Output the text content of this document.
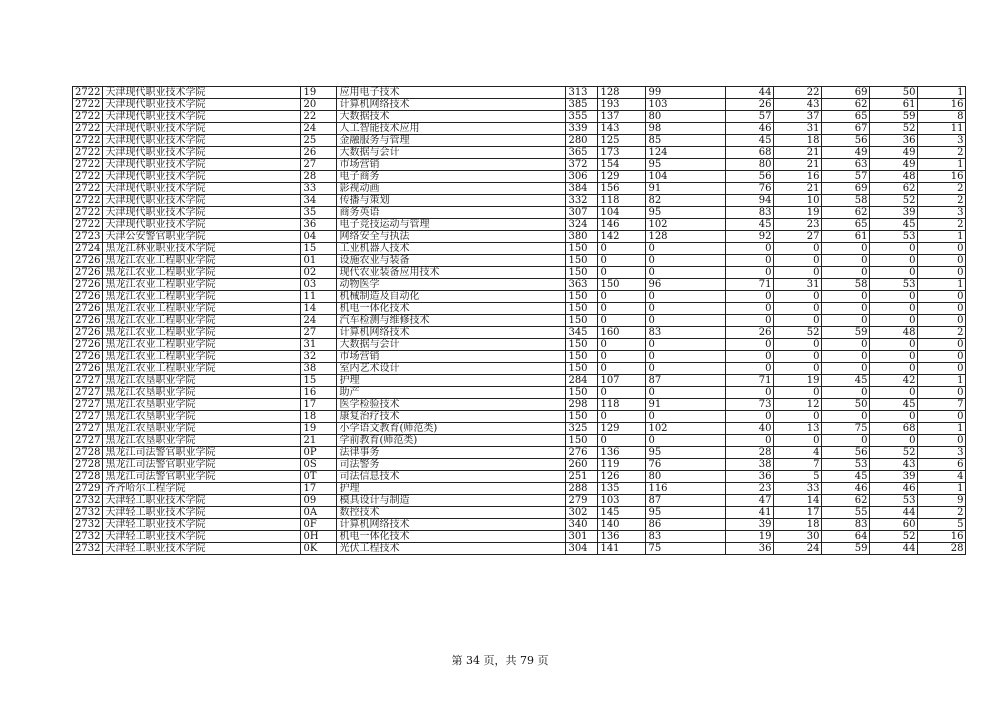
2722	天津现代职业技术学院	19	应用电子技术	313	128	99	44	22	69	50	1
2722	天津现代职业技术学院	20	计算机网络技术	385	193	103	26	43	62	61	16
2722	天津现代职业技术学院	22	大数据技术	355	137	80	57	37	65	59	8
2722	天津现代职业技术学院	24	人工智能技术应用	339	143	98	46	31	67	52	11
2722	天津现代职业技术学院	25	金融服务与管理	280	125	85	45	18	56	36	3
2722	天津现代职业技术学院	26	大数据与会计	365	173	124	68	21	49	49	2
2722	天津现代职业技术学院	27	市场营销	372	154	95	80	21	63	49	1
2722	天津现代职业技术学院	28	电子商务	306	129	104	56	16	57	48	16
2722	天津现代职业技术学院	33	影视动画	384	156	91	76	21	69	62	2
2722	天津现代职业技术学院	34	传播与策划	332	118	82	94	10	58	52	2
2722	天津现代职业技术学院	35	商务英语	307	104	95	83	19	62	39	3
2722	天津现代职业技术学院	36	电子竞技运动与管理	324	146	102	45	23	65	45	2
2723	天津公安警官职业学院	04	网络安全与执法	380	142	128	92	27	61	53	1
2724	黑龙江林业职业技术学院	15	工业机器人技术	150	0	0	0	0	0	0	0
2726	黑龙江农业工程职业学院	01	设施农业与装备	150	0	0	0	0	0	0	0
2726	黑龙江农业工程职业学院	02	现代农业装备应用技术	150	0	0	0	0	0	0	0
2726	黑龙江农业工程职业学院	03	动物医学	363	150	96	71	31	58	53	1
2726	黑龙江农业工程职业学院	11	机械制造及自动化	150	0	0	0	0	0	0	0
2726	黑龙江农业工程职业学院	14	机电一体化技术	150	0	0	0	0	0	0	0
2726	黑龙江农业工程职业学院	24	汽车检测与维修技术	150	0	0	0	0	0	0	0
2726	黑龙江农业工程职业学院	27	计算机网络技术	345	160	83	26	52	59	48	2
2726	黑龙江农业工程职业学院	31	大数据与会计	150	0	0	0	0	0	0	0
2726	黑龙江农业工程职业学院	32	市场营销	150	0	0	0	0	0	0	0
2726	黑龙江农业工程职业学院	38	室内艺术设计	150	0	0	0	0	0	0	0
2727	黑龙江农垦职业学院	15	护理	284	107	87	71	19	45	42	1
2727	黑龙江农垦职业学院	16	助产	150	0	0	0	0	0	0	0
2727	黑龙江农垦职业学院	17	医学检验技术	298	118	91	73	12	50	45	7
2727	黑龙江农垦职业学院	18	康复治疗技术	150	0	0	0	0	0	0	0
2727	黑龙江农垦职业学院	19	小学语文教育(师范类)	325	129	102	40	13	75	68	1
2727	黑龙江农垦职业学院	21	学前教育(师范类)	150	0	0	0	0	0	0	0
2728	黑龙江司法警官职业学院	0P	法律事务	276	136	95	28	4	56	52	3
2728	黑龙江司法警官职业学院	0S	司法警务	260	119	76	38	7	53	43	6
2728	黑龙江司法警官职业学院	0T	司法信息技术	251	126	80	36	5	45	39	4
2729	齐齐哈尔工程学院	17	护理	288	135	116	23	33	46	46	1
2732	天津轻工职业技术学院	09	模具设计与制造	279	103	87	47	14	62	53	9
2732	天津轻工职业技术学院	0A	数控技术	302	145	95	41	17	55	44	2
2732	天津轻工职业技术学院	0F	计算机网络技术	340	140	86	39	18	83	60	5
2732	天津轻工职业技术学院	0H	机电一体化技术	301	136	83	19	30	64	52	16
2732	天津轻工职业技术学院	0K	光伏工程技术	304	141	75	36	24	59	44	28
第 34 页，共 79 页
